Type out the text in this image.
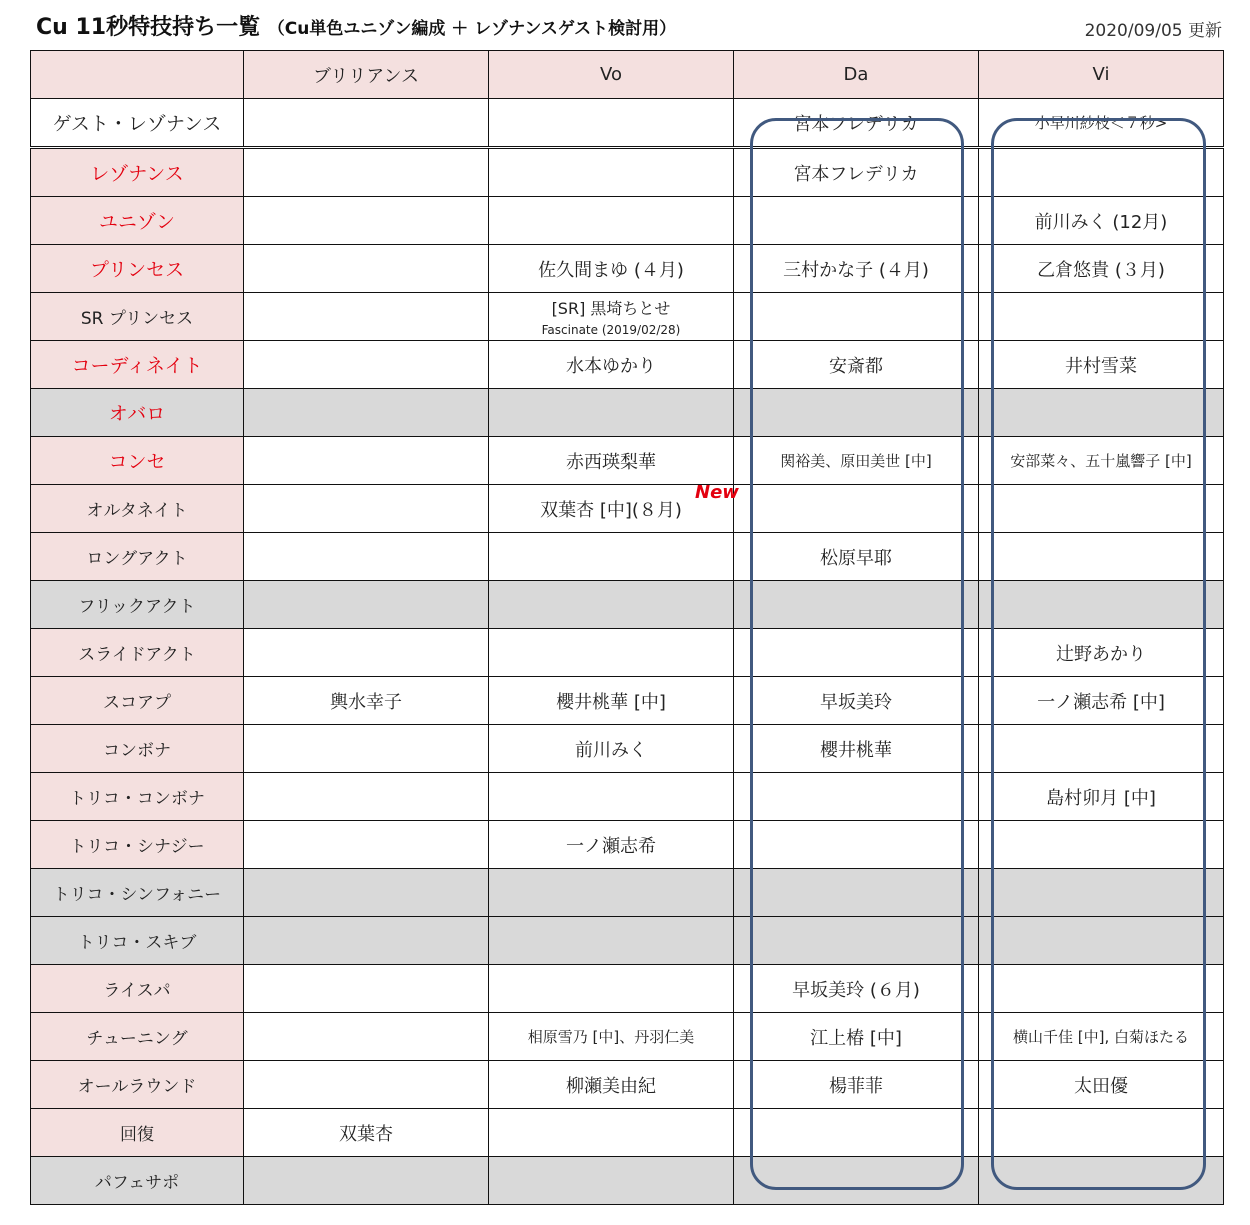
Cu 11秒特技持ち一覧 （Cu単色ユニゾン編成 ＋ レゾナンスゲスト検討用）	2020/09/05 更新
	ブリリアンス	Vo	Da	Vi
ゲスト・レゾナンス			宮本フレデリカ	小早川紗枝＜７秒>
レゾナンス			宮本フレデリカ	
ユニゾン				前川みく (12月)
プリンセス		佐久間まゆ (４月)	三村かな子 (４月)	乙倉悠貴 (３月)
SR プリンセス		[SR] 黒埼ちとせ
Fascinate (2019/02/28)		

コーディネイト		水本ゆかり	安斎都	井村雪菜
オバロ				
コンセ		赤西瑛梨華	関裕美、原田美世 [中]	安部菜々、五十嵐響子 [中]
オルタネイト		双葉杏 [中](８月)		
ロングアクト			松原早耶	
フリックアクト				
スライドアクト				辻野あかり
スコアプ	輿水幸子	櫻井桃華 [中]	早坂美玲	一ノ瀬志希 [中]
コンボナ		前川みく	櫻井桃華	
トリコ・コンボナ				島村卯月 [中]
トリコ・シナジー		一ノ瀬志希		
トリコ・シンフォニー				
トリコ・スキブ				
ライスパ			早坂美玲 (６月)	
チューニング		相原雪乃 [中]、丹羽仁美	江上椿 [中]	横山千佳 [中], 白菊ほたる
オールラウンド		柳瀬美由紀	楊菲菲	太田優
回復	双葉杏			
パフェサポ				
New
